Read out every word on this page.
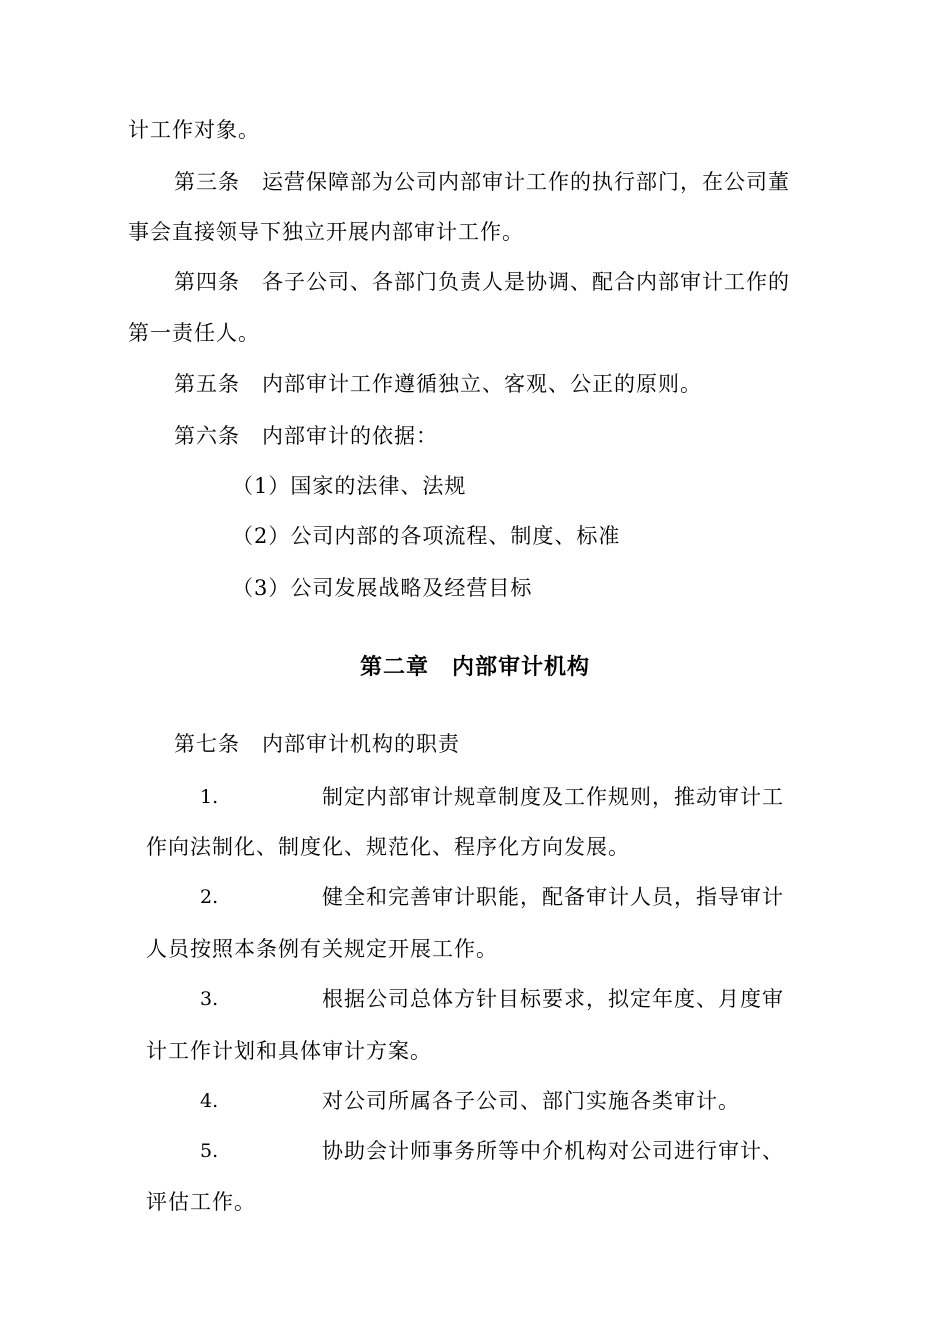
计工作对象。
第三条　运营保障部为公司内部审计工作的执行部门，在公司董
事会直接领导下独立开展内部审计工作。
第四条　各子公司、各部门负责人是协调、配合内部审计工作的
第一责任人。
第五条　内部审计工作遵循独立、客观、公正的原则。
第六条　内部审计的依据：
（1）国家的法律、法规
（2）公司内部的各项流程、制度、标准
（3）公司发展战略及经营目标
第二章　内部审计机构
第七条　内部审计机构的职责
1.	制定内部审计规章制度及工作规则，推动审计工
作向法制化、制度化、规范化、程序化方向发展。
2.	健全和完善审计职能，配备审计人员，指导审计
人员按照本条例有关规定开展工作。
3.	根据公司总体方针目标要求，拟定年度、月度审
计工作计划和具体审计方案。
4.	对公司所属各子公司、部门实施各类审计。
5.	协助会计师事务所等中介机构对公司进行审计、
评估工作。
